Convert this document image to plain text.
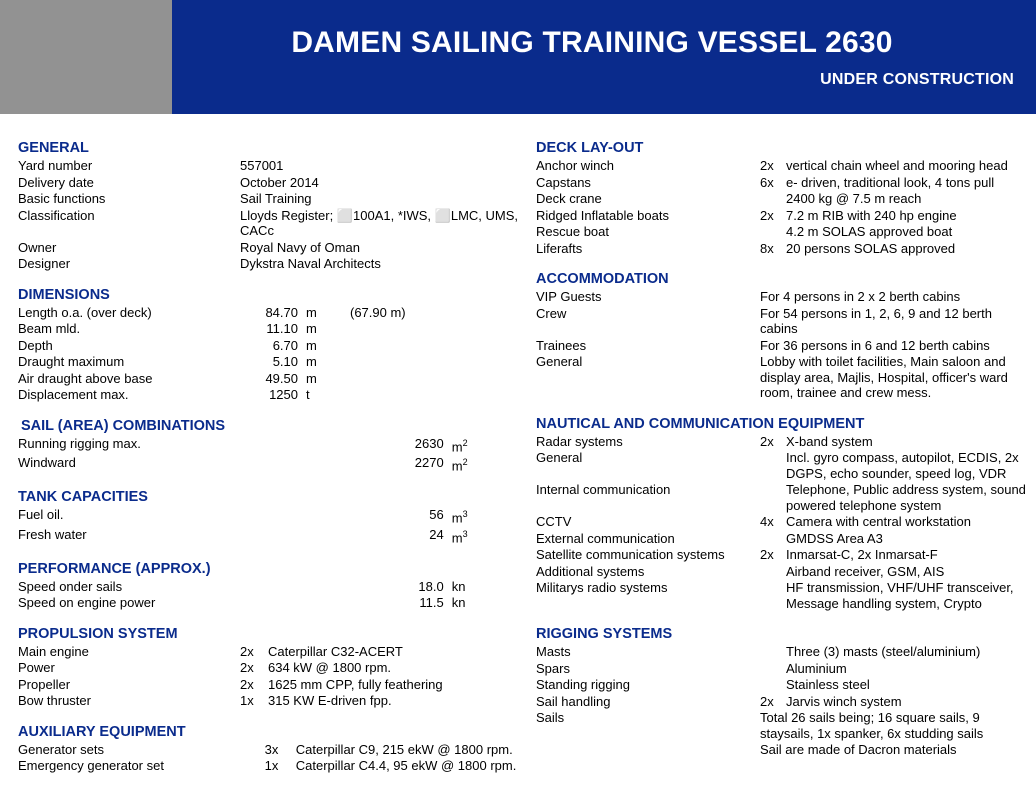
DAMEN SAILING TRAINING VESSEL 2630
UNDER CONSTRUCTION
GENERAL
Yard number	557001
Delivery date	October 2014
Basic functions	Sail Training
Classification	Lloyds Register; ⬜100A1, *IWS, ⬜LMC, UMS, CACc
Owner	Royal Navy of Oman
Designer	Dykstra Naval Architects
DIMENSIONS
Length o.a. (over deck)	84.70	m	(67.90 m)
Beam mld.	11.10	m	
Depth	6.70	m	
Draught maximum	5.10	m	
Air draught above base	49.50	m	
Displacement max.	1250	t	
SAIL (AREA) COMBINATIONS
Running rigging max.	2630	$m^2$
Windward	2270	$m^2$
TANK CAPACITIES
Fuel oil.	56	$m^3$
Fresh water	24	$m^3$
PERFORMANCE (APPROX.)
Speed onder sails	18.0	kn
Speed on engine power	11.5	kn
PROPULSION SYSTEM
Main engine	2x	Caterpillar C32-ACERT
Power	2x	634 kW @ 1800 rpm.
Propeller	2x	1625 mm CPP, fully feathering
Bow thruster	1x	315 KW E-driven fpp.
AUXILIARY EQUIPMENT
Generator sets	3x	Caterpillar C9, 215 ekW @ 1800 rpm.
Emergency generator set	1x	Caterpillar C4.4, 95 ekW @ 1800 rpm.
DECK LAY-OUT
Anchor winch	2x	vertical chain wheel and mooring head
Capstans	6x	e- driven, traditional look, 4 tons pull
Deck crane		2400 kg @ 7.5 m reach
Ridged Inflatable boats	2x	7.2 m RIB with 240 hp engine
Rescue boat		4.2 m SOLAS approved boat
Liferafts	8x	20 persons SOLAS approved
ACCOMMODATION
VIP Guests	For 4 persons in 2 x 2 berth cabins
Crew	For 54 persons in 1, 2, 6, 9 and 12 berth cabins
Trainees	For 36 persons in 6 and 12 berth cabins
General	Lobby with toilet facilities, Main saloon and display area, Majlis, Hospital, officer's ward room, trainee and crew mess.
NAUTICAL AND COMMUNICATION EQUIPMENT
Radar systems	2x	X-band system
General		Incl. gyro compass, autopilot, ECDIS, 2x DGPS, echo sounder, speed log, VDR
Internal communication		Telephone, Public address system, sound powered telephone system
CCTV	4x	Camera with central workstation
External communication		GMDSS Area A3
Satellite communication systems	2x	Inmarsat-C, 2x Inmarsat-F
Additional systems		Airband receiver, GSM, AIS
Militarys radio systems		HF transmission, VHF/UHF transceiver, Message handling system, Crypto
RIGGING SYSTEMS
Masts		Three (3) masts (steel/aluminium)
Spars		Aluminium
Standing rigging		Stainless steel
Sail handling	2x	Jarvis winch system
Sails	Total 26 sails being; 16 square sails, 9 staysails, 1x spanker, 6x studding sails	
	Sail are made of Dacron materials	
